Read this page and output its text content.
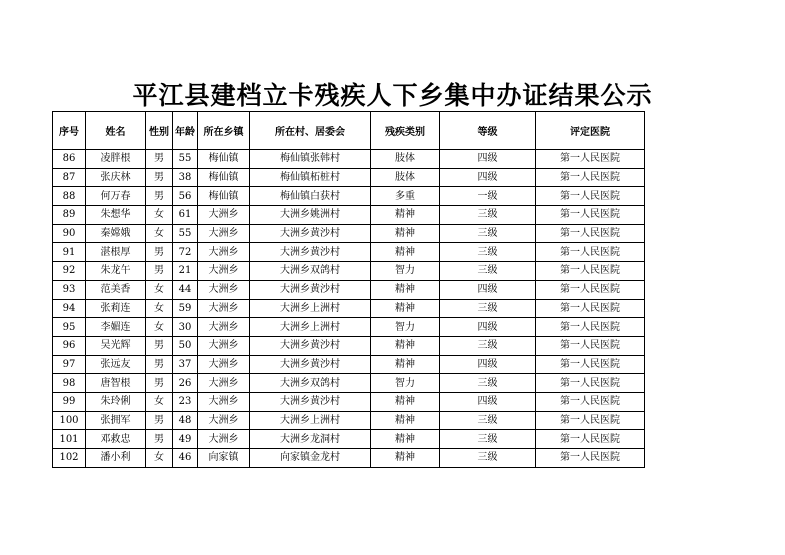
平江县建档立卡残疾人下乡集中办证结果公示
序号	姓名	性别	年龄	所在乡镇	所在村、居委会	残疾类别	等级	评定医院
86	凌胖根	男	55	梅仙镇	梅仙镇张韩村	肢体	四级	第一人民医院
87	张庆林	男	38	梅仙镇	梅仙镇柘桩村	肢体	四级	第一人民医院
88	何万春	男	56	梅仙镇	梅仙镇白获村	多重	一级	第一人民医院
89	朱想华	女	61	大洲乡	大洲乡姚洲村	精神	三级	第一人民医院
90	秦嫦娥	女	55	大洲乡	大洲乡黄沙村	精神	三级	第一人民医院
91	湛根厚	男	72	大洲乡	大洲乡黄沙村	精神	三级	第一人民医院
92	朱龙午	男	21	大洲乡	大洲乡双鸽村	智力	三级	第一人民医院
93	范美香	女	44	大洲乡	大洲乡黄沙村	精神	四级	第一人民医院
94	张莉连	女	59	大洲乡	大洲乡上洲村	精神	三级	第一人民医院
95	李媚连	女	30	大洲乡	大洲乡上洲村	智力	四级	第一人民医院
96	吴光辉	男	50	大洲乡	大洲乡黄沙村	精神	三级	第一人民医院
97	张远友	男	37	大洲乡	大洲乡黄沙村	精神	四级	第一人民医院
98	唐智根	男	26	大洲乡	大洲乡双鸽村	智力	三级	第一人民医院
99	朱玲俐	女	23	大洲乡	大洲乡黄沙村	精神	四级	第一人民医院
100	张拥军	男	48	大洲乡	大洲乡上洲村	精神	三级	第一人民医院
101	邓救忠	男	49	大洲乡	大洲乡龙洞村	精神	三级	第一人民医院
102	潘小利	女	46	向家镇	向家镇金龙村	精神	三级	第一人民医院
